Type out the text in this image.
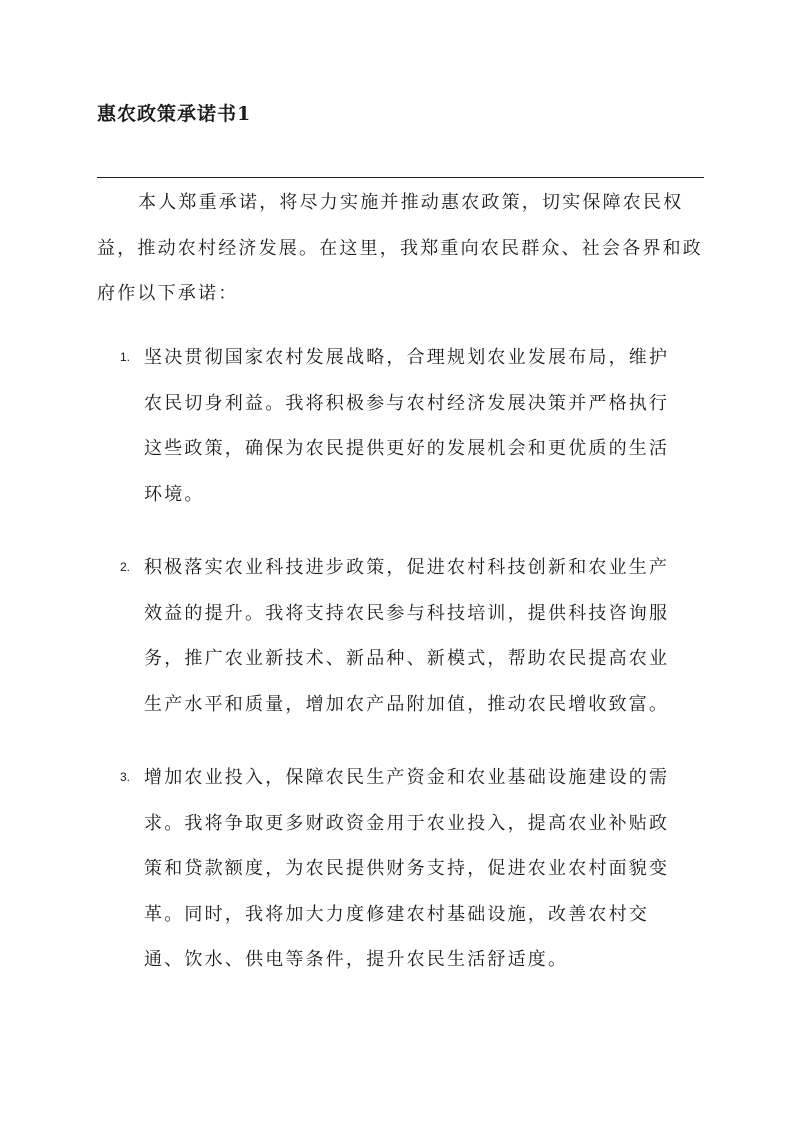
惠农政策承诺书1

本人郑重承诺，将尽力实施并推动惠农政策，切实保障农民权益，推动农村经济发展。在这里，我郑重向农民群众、社会各界和政府作以下承诺：

1. 坚决贯彻国家农村发展战略，合理规划农业发展布局，维护农民切身利益。我将积极参与农村经济发展决策并严格执行这些政策，确保为农民提供更好的发展机会和更优质的生活环境。

2. 积极落实农业科技进步政策，促进农村科技创新和农业生产效益的提升。我将支持农民参与科技培训，提供科技咨询服务，推广农业新技术、新品种、新模式，帮助农民提高农业生产水平和质量，增加农产品附加值，推动农民增收致富。

3. 增加农业投入，保障农民生产资金和农业基础设施建设的需求。我将争取更多财政资金用于农业投入，提高农业补贴政策和贷款额度，为农民提供财务支持，促进农业农村面貌变革。同时，我将加大力度修建农村基础设施，改善农村交通、饮水、供电等条件，提升农民生活舒适度。
